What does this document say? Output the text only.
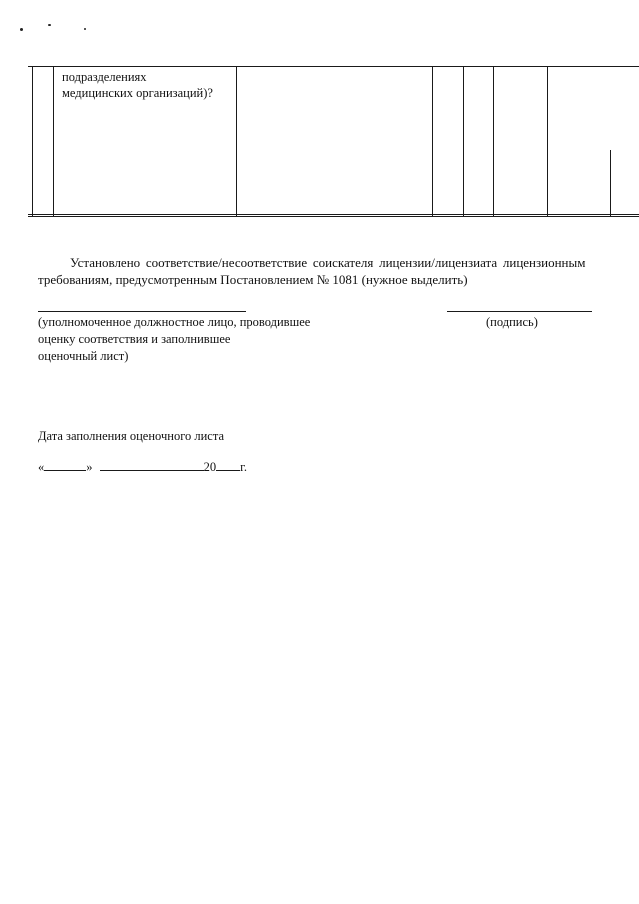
подразделениях
медицинских организаций)?
Установлено соответствие/несоответствие соискателя лицензии/лицензиата лицензионным
требованиям, предусмотренным Постановлением № 1081 (нужное выделить)
(уполномоченное должностное лицо, проводившее
оценку соответствия и заполнившее
оценочный лист)
(подпись)
Дата заполнения оценочного листа
«	»	20 г.
